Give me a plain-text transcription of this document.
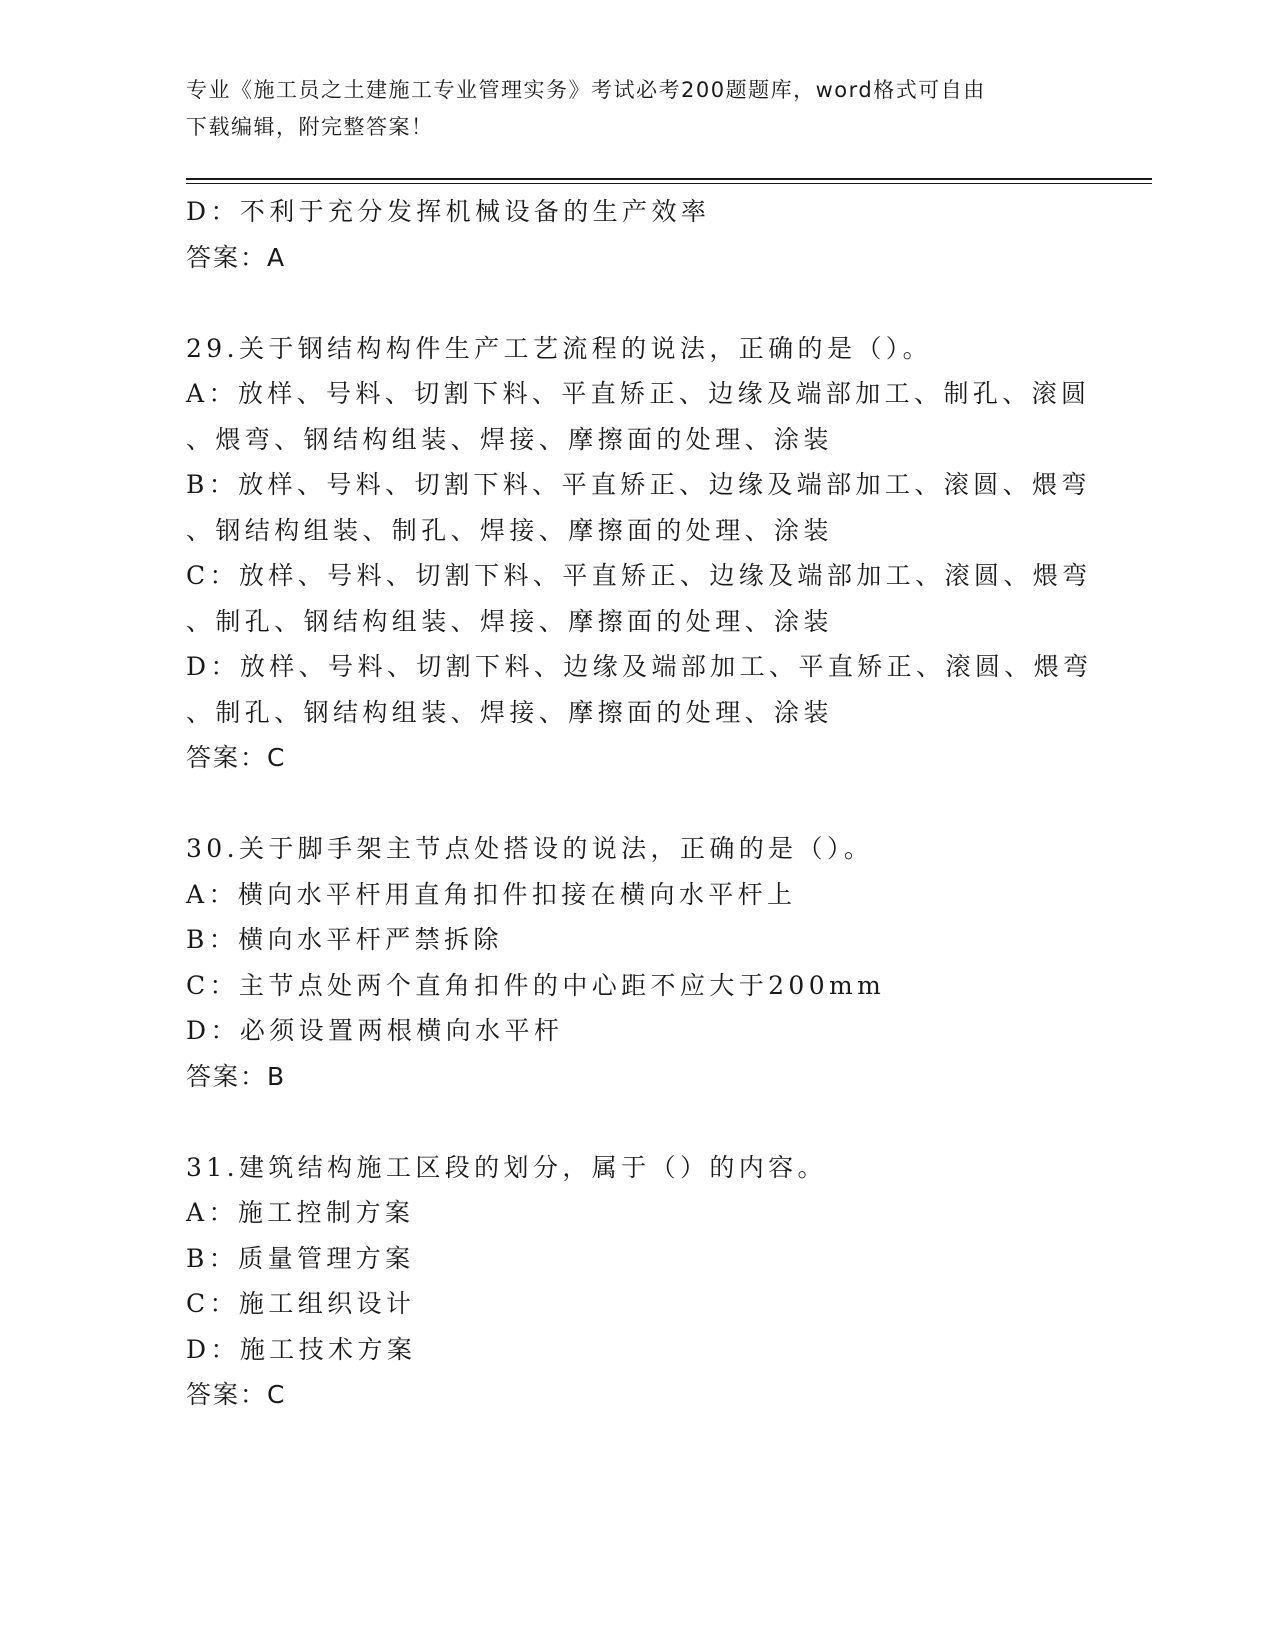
专业《施工员之土建施工专业管理实务》考试必考200题题库，word格式可自由
下载编辑，附完整答案！
D：不利于充分发挥机械设备的生产效率
答案：A
29.关于钢结构构件生产工艺流程的说法，正确的是（）。
A：放样、号料、切割下料、平直矫正、边缘及端部加工、制孔、滚圆
、煨弯、钢结构组装、焊接、摩擦面的处理、涂装
B：放样、号料、切割下料、平直矫正、边缘及端部加工、滚圆、煨弯
、钢结构组装、制孔、焊接、摩擦面的处理、涂装
C：放样、号料、切割下料、平直矫正、边缘及端部加工、滚圆、煨弯
、制孔、钢结构组装、焊接、摩擦面的处理、涂装
D：放样、号料、切割下料、边缘及端部加工、平直矫正、滚圆、煨弯
、制孔、钢结构组装、焊接、摩擦面的处理、涂装
答案：C
30.关于脚手架主节点处搭设的说法，正确的是（）。
A：横向水平杆用直角扣件扣接在横向水平杆上
B：横向水平杆严禁拆除
C：主节点处两个直角扣件的中心距不应大于200mm
D：必须设置两根横向水平杆
答案：B
31.建筑结构施工区段的划分，属于（）的内容。
A：施工控制方案
B：质量管理方案
C：施工组织设计
D：施工技术方案
答案：C
